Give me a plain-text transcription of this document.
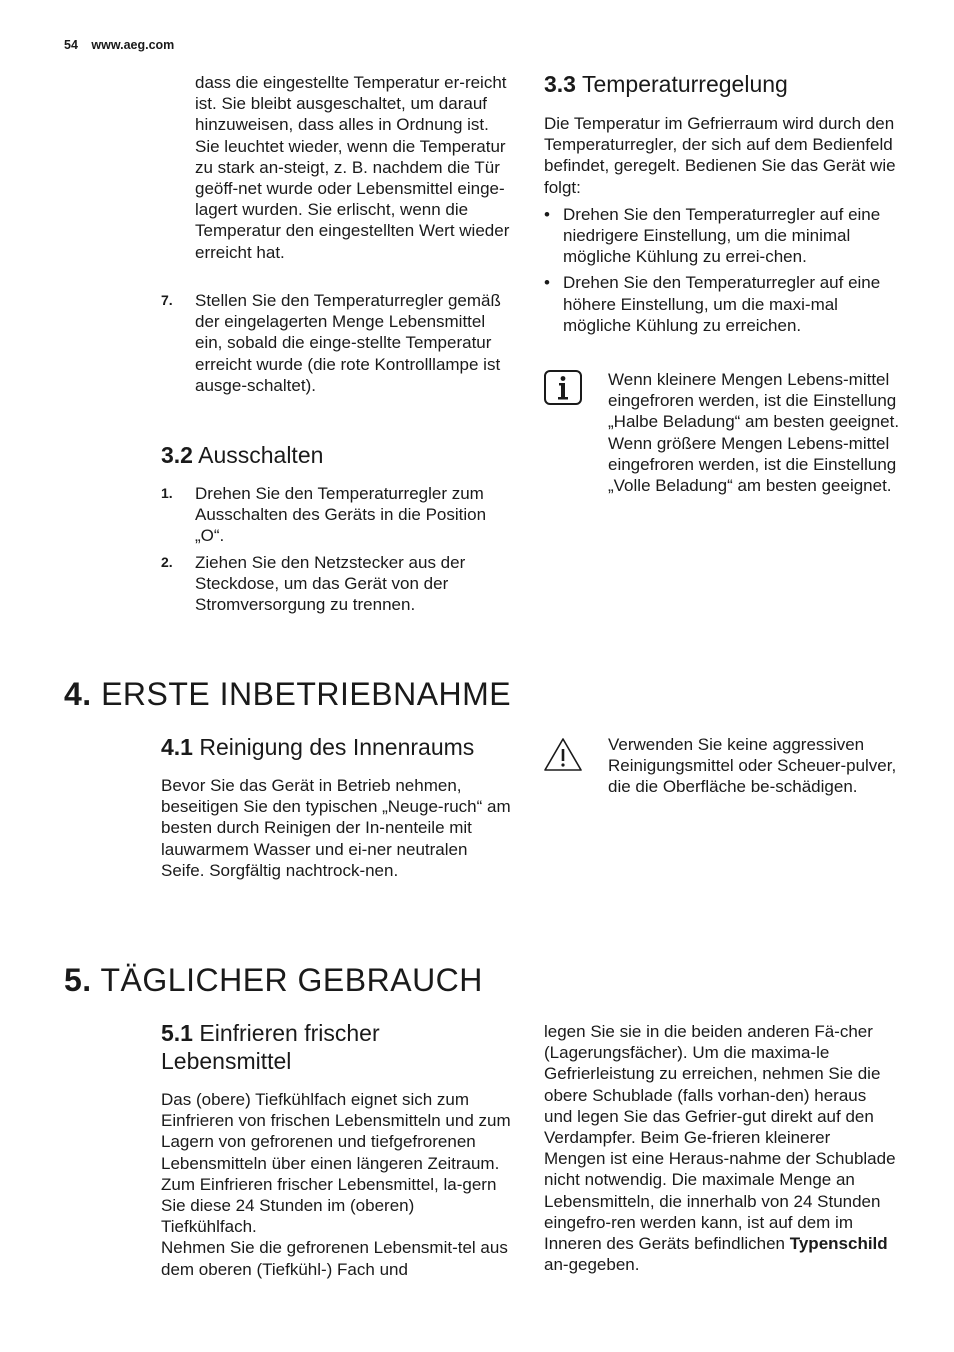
54 www.aeg.com
dass die eingestellte Temperatur er-reicht ist. Sie bleibt ausgeschaltet, um darauf hinzuweisen, dass alles in Ordnung ist. Sie leuchtet wieder, wenn die Temperatur zu stark an-steigt, z. B. nachdem die Tür geöff-net wurde oder Lebensmittel einge-lagert wurden. Sie erlischt, wenn die Temperatur den eingestellten Wert wieder erreicht hat.
7. Stellen Sie den Temperaturregler gemäß der eingelagerten Menge Lebensmittel ein, sobald die einge-stellte Temperatur erreicht wurde (die rote Kontrolllampe ist ausge-schaltet).
3.2 Ausschalten
1. Drehen Sie den Temperaturregler zum Ausschalten des Geräts in die Position „O“.
2. Ziehen Sie den Netzstecker aus der Steckdose, um das Gerät von der Stromversorgung zu trennen.
3.3 Temperaturregelung
Die Temperatur im Gefrierraum wird durch den Temperaturregler, der sich auf dem Bedienfeld befindet, geregelt. Bedienen Sie das Gerät wie folgt:
• Drehen Sie den Temperaturregler auf eine niedrigere Einstellung, um die minimal mögliche Kühlung zu errei-chen.
• Drehen Sie den Temperaturregler auf eine höhere Einstellung, um die maxi-mal mögliche Kühlung zu erreichen.
Wenn kleinere Mengen Lebens-mittel eingefroren werden, ist die Einstellung „Halbe Beladung“ am besten geeignet.
Wenn größere Mengen Lebens-mittel eingefroren werden, ist die Einstellung „Volle Beladung“ am besten geeignet.
4. ERSTE INBETRIEBNAHME
4.1 Reinigung des Innenraums
Bevor Sie das Gerät in Betrieb nehmen, beseitigen Sie den typischen „Neuge-ruch“ am besten durch Reinigen der In-nenteile mit lauwarmem Wasser und ei-ner neutralen Seife. Sorgfältig nachtrock-nen.
Verwenden Sie keine aggressiven Reinigungsmittel oder Scheuer-pulver, die die Oberfläche be-schädigen.
5. TÄGLICHER GEBRAUCH
5.1 Einfrieren frischer
Lebensmittel
Das (obere) Tiefkühlfach eignet sich zum Einfrieren von frischen Lebensmitteln und zum Lagern von gefrorenen und tiefgefrorenen Lebensmitteln über einen längeren Zeitraum.
Zum Einfrieren frischer Lebensmittel, la-gern Sie diese 24 Stunden im (oberen) Tiefkühlfach.
Nehmen Sie die gefrorenen Lebensmit-tel aus dem oberen (Tiefkühl-) Fach und
legen Sie sie in die beiden anderen Fä-cher (Lagerungsfächer). Um die maxima-le Gefrierleistung zu erreichen, nehmen Sie die obere Schublade (falls vorhan-den) heraus und legen Sie das Gefrier-gut direkt auf den Verdampfer. Beim Ge-frieren kleinerer Mengen ist eine Heraus-nahme der Schublade nicht notwendig. Die maximale Menge an Lebensmitteln, die innerhalb von 24 Stunden eingefro-ren werden kann, ist auf dem im Inneren des Geräts befindlichen Typenschild an-gegeben.
